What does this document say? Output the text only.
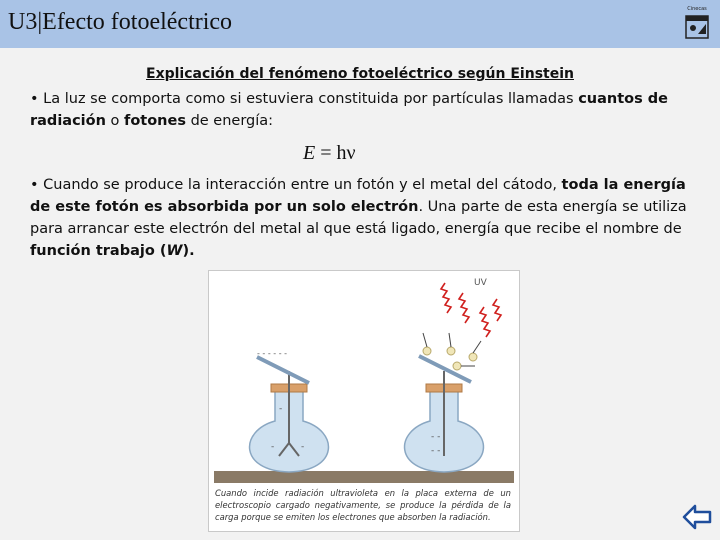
U3|Efecto fotoeléctrico	Cinecas
Explicación del fenómeno fotoeléctrico según Einstein
• La luz se comporta como si estuviera constituida por partículas llamadas cuantos de radiación o fotones de energía:
E = hν
• Cuando se produce la interacción entre un fotón y el metal del cátodo, toda la energía de este fotón es absorbida por un solo electrón. Una parte de esta energía se utiliza para arrancar este electrón del metal al que está ligado, energía que recibe el nombre de función trabajo (W).
- - - - - -
-
-	-
- -
- -
UV
Cuando incide radiación ultravioleta en la placa externa de un electroscopio cargado negativamente, se produce la pérdida de la carga porque se emiten los electrones que absorben la radiación.
